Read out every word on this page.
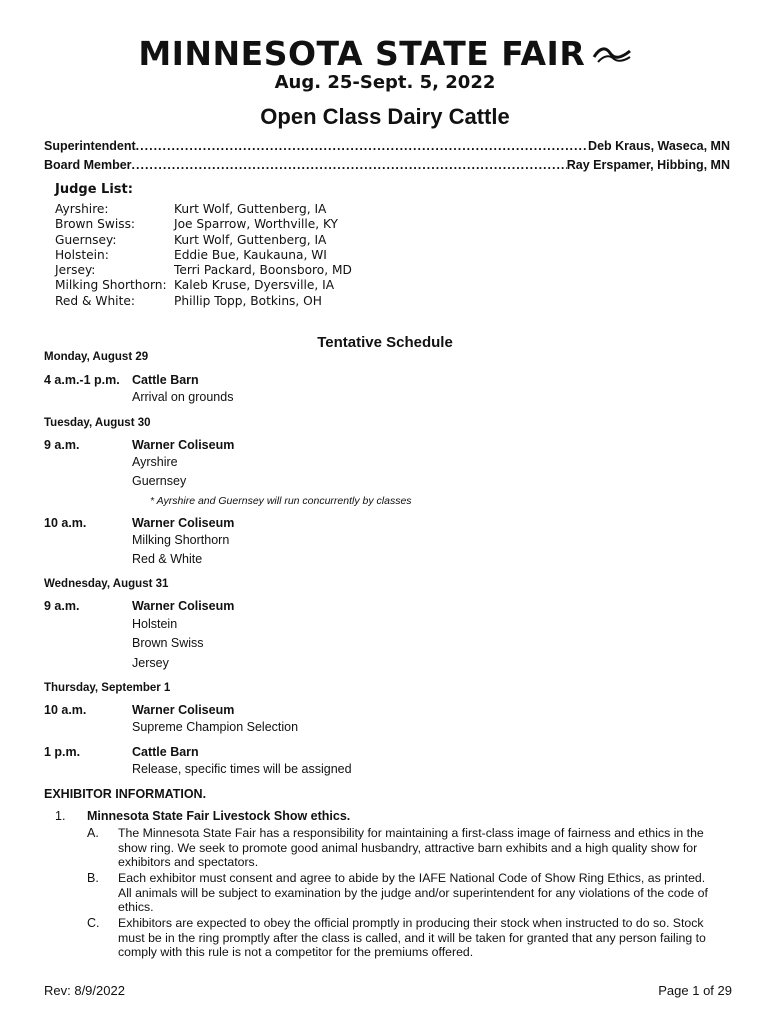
MINNESOTA STATE FAIR
Aug. 25-Sept. 5, 2022
Open Class Dairy Cattle
Superintendent .....	Deb Kraus, Waseca, MN
Board Member .....	Ray Erspamer, Hibbing, MN
Judge List:
Ayrshire:	Kurt Wolf, Guttenberg, IA
Brown Swiss:	Joe Sparrow, Worthville, KY
Guernsey:	Kurt Wolf, Guttenberg, IA
Holstein:	Eddie Bue, Kaukauna, WI
Jersey:	Terri Packard, Boonsboro, MD
Milking Shorthorn: Kaleb Kruse, Dyersville, IA
Red & White:	Phillip Topp, Botkins, OH
Tentative Schedule
Monday, August 29
4 a.m.-1 p.m. Cattle Barn
Arrival on grounds
Tuesday, August 30
9 a.m.	Warner Coliseum
Ayrshire
Guernsey
* Ayrshire and Guernsey will run concurrently by classes
10 a.m.	Warner Coliseum
Milking Shorthorn
Red & White
Wednesday, August 31
9 a.m.	Warner Coliseum
Holstein
Brown Swiss
Jersey
Thursday, September 1
10 a.m.	Warner Coliseum
Supreme Champion Selection
1 p.m.	Cattle Barn
Release, specific times will be assigned
EXHIBITOR INFORMATION.
1. Minnesota State Fair Livestock Show ethics.
A. The Minnesota State Fair has a responsibility for maintaining a first-class image of fairness and ethics in the show ring. We seek to promote good animal husbandry, attractive barn exhibits and a high quality show for exhibitors and spectators.
B. Each exhibitor must consent and agree to abide by the IAFE National Code of Show Ring Ethics, as printed. All animals will be subject to examination by the judge and/or superintendent for any violations of the code of ethics.
C. Exhibitors are expected to obey the official promptly in producing their stock when instructed to do so. Stock must be in the ring promptly after the class is called, and it will be taken for granted that any person failing to comply with this rule is not a competitor for the premiums offered.
Rev: 8/9/2022	Page 1 of 29
